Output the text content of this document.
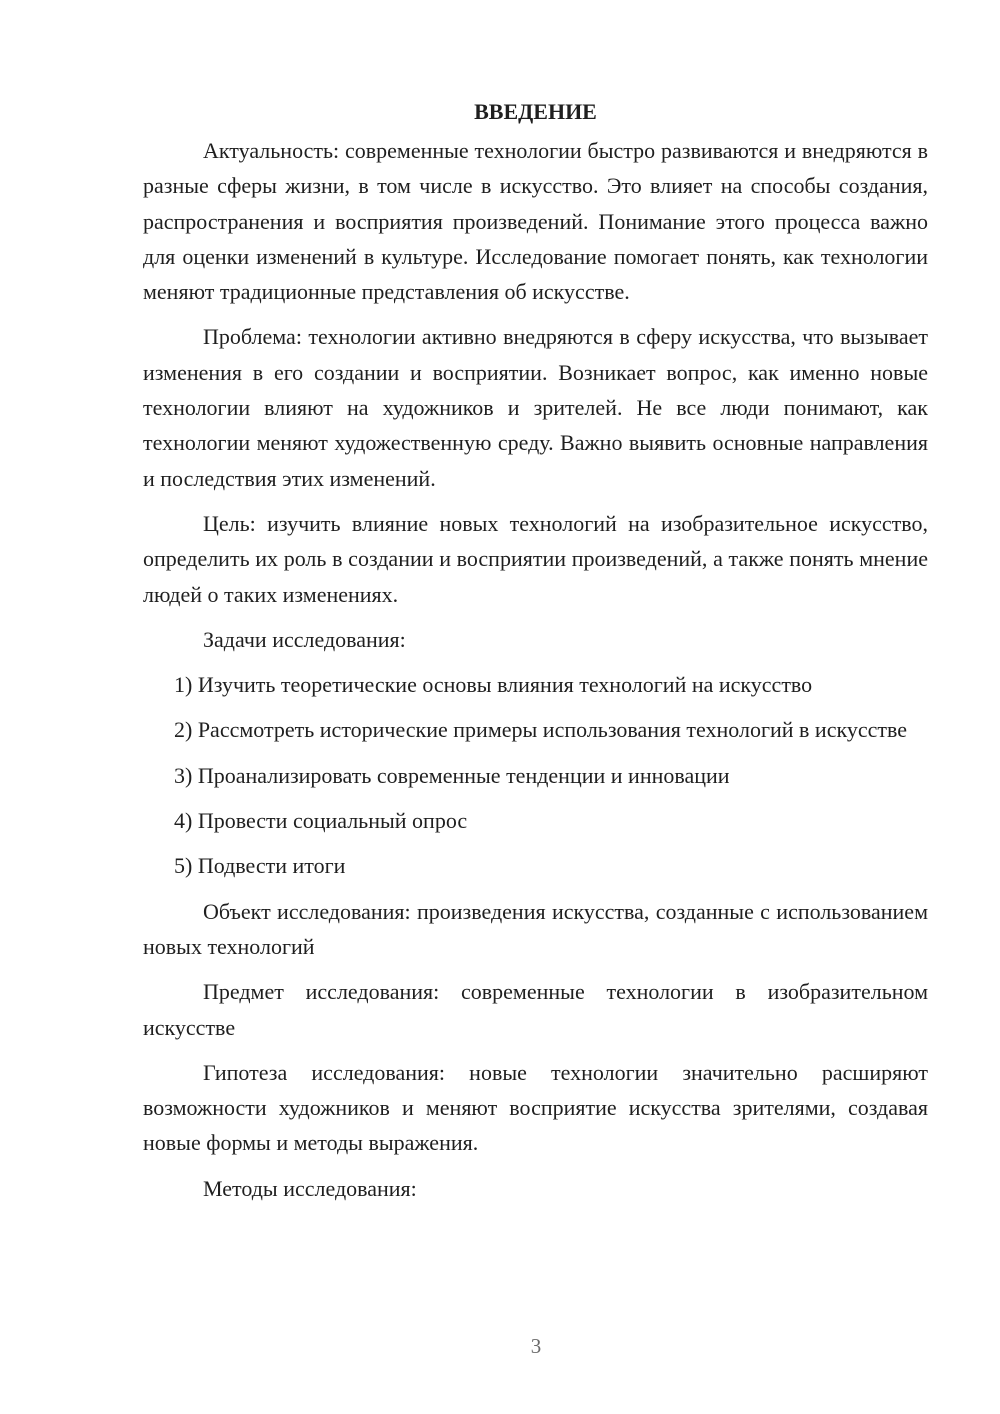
ВВЕДЕНИЕ

Актуальность: современные технологии быстро развиваются и внедряются в разные сферы жизни, в том числе в искусство. Это влияет на способы создания, распространения и восприятия произведений. Понимание этого процесса важно для оценки изменений в культуре. Исследование помогает понять, как технологии меняют традиционные представления об искусстве.

Проблема: технологии активно внедряются в сферу искусства, что вызывает изменения в его создании и восприятии. Возникает вопрос, как именно новые технологии влияют на художников и зрителей. Не все люди понимают, как технологии меняют художественную среду. Важно выявить основные направления и последствия этих изменений.

Цель: изучить влияние новых технологий на изобразительное искусство, определить их роль в создании и восприятии произведений, а также понять мнение людей о таких изменениях.

Задачи исследования:

1) Изучить теоретические основы влияния технологий на искусство

2) Рассмотреть исторические примеры использования технологий в искусстве

3) Проанализировать современные тенденции и инновации

4) Провести социальный опрос

5) Подвести итоги

Объект исследования: произведения искусства, созданные с использованием новых технологий

Предмет исследования: современные технологии в изобразительном искусстве

Гипотеза исследования: новые технологии значительно расширяют возможности художников и меняют восприятие искусства зрителями, создавая новые формы и методы выражения.

Методы исследования:

3
